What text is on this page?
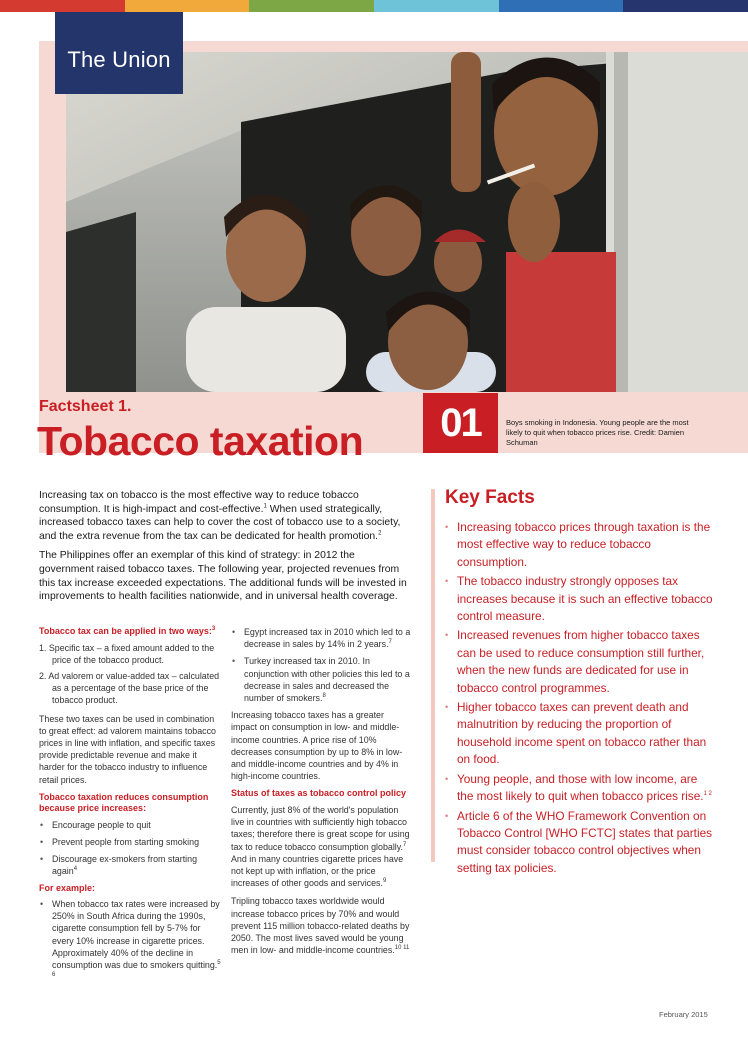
The Union
Factsheet 1.
Tobacco taxation	01	Boys smoking in Indonesia. Young people are the most likely to quit when tobacco prices rise. Credit: Damien Schuman

Increasing tax on tobacco is the most effective way to reduce tobacco consumption. It is high-impact and cost-effective.$^1$ When used strategically, increased tobacco taxes can help to cover the cost of tobacco use to a society, and the extra revenue from the tax can be dedicated for health promotion.$^2$

The Philippines offer an exemplar of this kind of strategy: in 2012 the government raised tobacco taxes. The following year, projected revenues from this tax increase exceeded expectations. The additional funds will be invested in improvements to health facilities nationwide, and in universal health coverage.

Tobacco tax can be applied in two ways:$^3$
1. Specific tax – a fixed amount added to the price of the tobacco product.
2. Ad valorem or value-added tax – calculated as a percentage of the base price of the tobacco product.

These two taxes can be used in combination to great effect: ad valorem maintains tobacco prices in line with inflation, and specific taxes provide predictable revenue and make it harder for the tobacco industry to influence retail prices.

Tobacco taxation reduces consumption because price increases:
• Encourage people to quit
• Prevent people from starting smoking
• Discourage ex-smokers from starting again$^4$
For example:
• When tobacco tax rates were increased by 250% in South Africa during the 1990s, cigarette consumption fell by 5-7% for every 10% increase in cigarette prices. Approximately 40% of the decline in consumption was due to smokers quitting.$^{5 6}$
• Egypt increased tax in 2010 which led to a decrease in sales by 14% in 2 years.$^7$
• Turkey increased tax in 2010. In conjunction with other policies this led to a decrease in sales and decreased the number of smokers.$^8$

Increasing tobacco taxes has a greater impact on consumption in low- and middle-income countries. A price rise of 10% decreases consumption by up to 8% in low- and middle-income countries and by 4% in high-income countries.

Status of taxes as tobacco control policy

Currently, just 8% of the world's population live in countries with sufficiently high tobacco taxes; therefore there is great scope for using tax to reduce tobacco consumption globally.$^7$ And in many countries cigarette prices have not kept up with inflation, or the price increases of other goods and services.$^9$

Tripling tobacco taxes worldwide would increase tobacco prices by 70% and would prevent 115 million tobacco-related deaths by 2050. The most lives saved would be young men in low- and middle-income countries.$^{10 11}$

Key Facts
• Increasing tobacco prices through taxation is the most effective way to reduce tobacco consumption.
• The tobacco industry strongly opposes tax increases because it is such an effective tobacco control measure.
• Increased revenues from higher tobacco taxes can be used to reduce consumption still further, when the new funds are dedicated for use in tobacco control programmes.
• Higher tobacco taxes can prevent death and malnutrition by reducing the proportion of household income spent on tobacco rather than on food.
• Young people, and those with low income, are the most likely to quit when tobacco prices rise.$^{1 2}$
• Article 6 of the WHO Framework Convention on Tobacco Control [WHO FCTC] states that parties must consider tobacco control objectives when setting tax policies.
February 2015
